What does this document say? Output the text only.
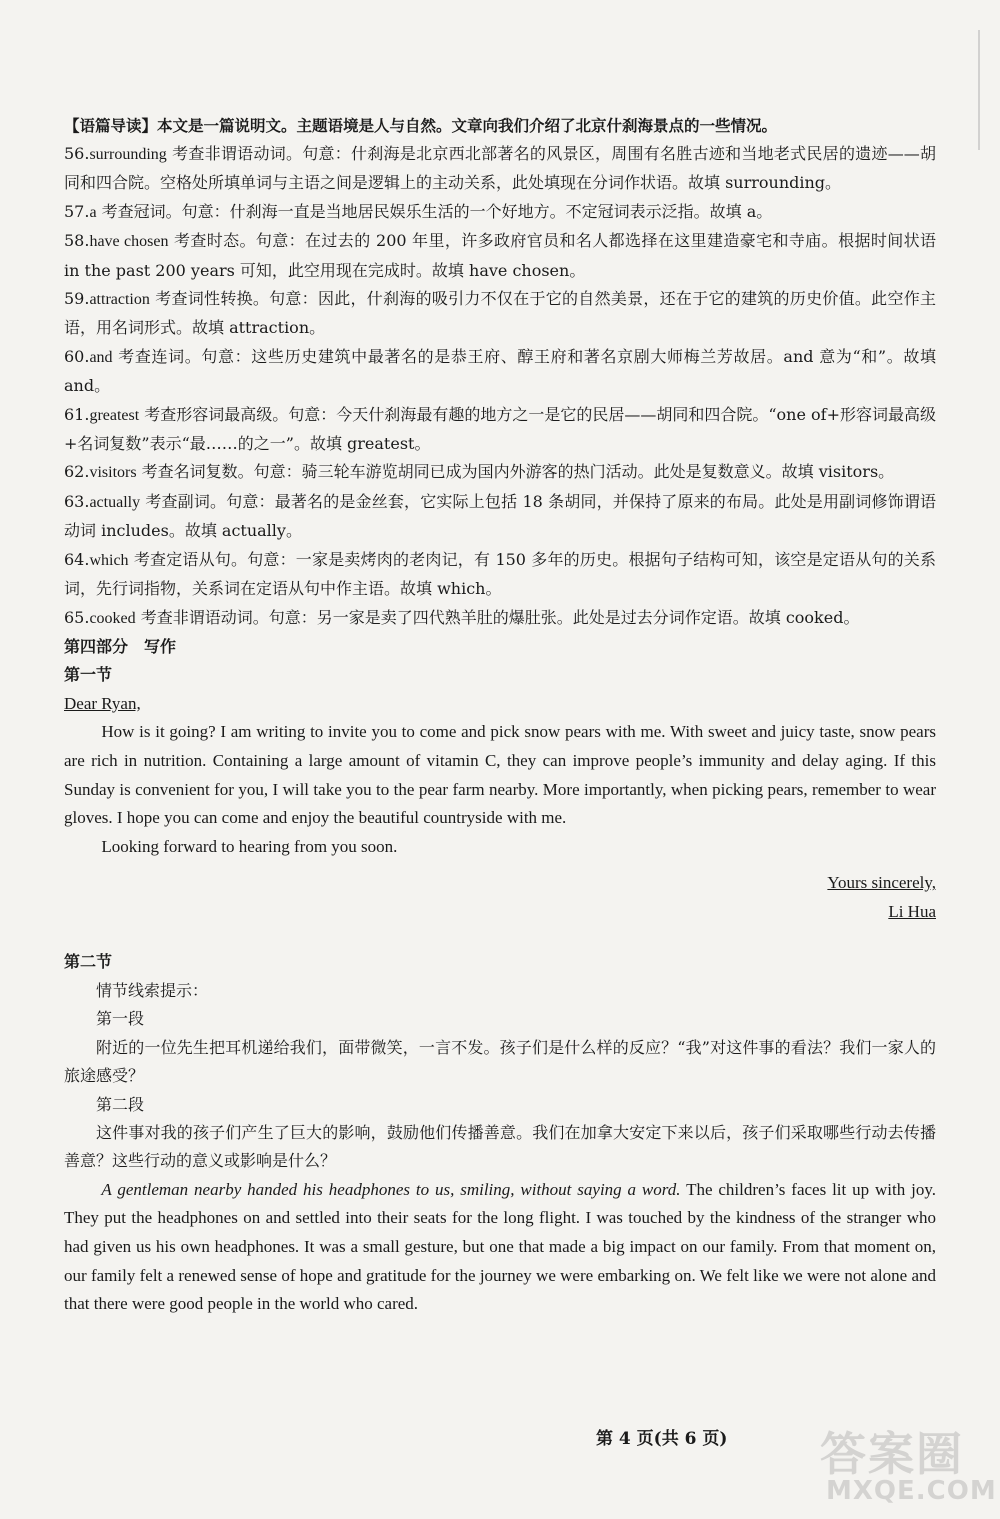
【语篇导读】本文是一篇说明文。主题语境是人与自然。文章向我们介绍了北京什刹海景点的一些情况。

56.surrounding 考查非谓语动词。句意：什刹海是北京西北部著名的风景区，周围有名胜古迹和当地老式民居的遗迹——胡同和四合院。空格处所填单词与主语之间是逻辑上的主动关系，此处填现在分词作状语。故填 surrounding。

57.a 考查冠词。句意：什刹海一直是当地居民娱乐生活的一个好地方。不定冠词表示泛指。故填 a。

58.have chosen 考查时态。句意：在过去的 200 年里，许多政府官员和名人都选择在这里建造豪宅和寺庙。根据时间状语 in the past 200 years 可知，此空用现在完成时。故填 have chosen。

59.attraction 考查词性转换。句意：因此，什刹海的吸引力不仅在于它的自然美景，还在于它的建筑的历史价值。此空作主语，用名词形式。故填 attraction。

60.and 考查连词。句意：这些历史建筑中最著名的是恭王府、醇王府和著名京剧大师梅兰芳故居。and 意为“和”。故填 and。

61.greatest 考查形容词最高级。句意：今天什刹海最有趣的地方之一是它的民居——胡同和四合院。“one of+形容词最高级+名词复数”表示“最……的之一”。故填 greatest。

62.visitors 考查名词复数。句意：骑三轮车游览胡同已成为国内外游客的热门活动。此处是复数意义。故填 visitors。

63.actually 考查副词。句意：最著名的是金丝套，它实际上包括 18 条胡同，并保持了原来的布局。此处是用副词修饰谓语动词 includes。故填 actually。

64.which 考查定语从句。句意：一家是卖烤肉的老肉记，有 150 多年的历史。根据句子结构可知，该空是定语从句的关系词，先行词指物，关系词在定语从句中作主语。故填 which。

65.cooked 考查非谓语动词。句意：另一家是卖了四代熟羊肚的爆肚张。此处是过去分词作定语。故填 cooked。

第四部分　写作

第一节

Dear Ryan,

How is it going? I am writing to invite you to come and pick snow pears with me. With sweet and juicy taste, snow pears are rich in nutrition. Containing a large amount of vitamin C, they can improve people’s immunity and delay aging. If this Sunday is convenient for you, I will take you to the pear farm nearby. More importantly, when picking pears, remember to wear gloves. I hope you can come and enjoy the beautiful countryside with me.

Looking forward to hearing from you soon.

Yours sincerely,

Li Hua

第二节

情节线索提示：

第一段

附近的一位先生把耳机递给我们，面带微笑，一言不发。孩子们是什么样的反应？“我”对这件事的看法？我们一家人的旅途感受？

第二段

这件事对我的孩子们产生了巨大的影响，鼓励他们传播善意。我们在加拿大安定下来以后，孩子们采取哪些行动去传播善意？这些行动的意义或影响是什么？

A gentleman nearby handed his headphones to us, smiling, without saying a word. The children’s faces lit up with joy. They put the headphones on and settled into their seats for the long flight. I was touched by the kindness of the stranger who had given us his own headphones. It was a small gesture, but one that made a big impact on our family. From that moment on, our family felt a renewed sense of hope and gratitude for the journey we were embarking on. We felt like we were not alone and that there were good people in the world who cared.

第 4 页(共 6 页) 答案圈
MXQE.COM
